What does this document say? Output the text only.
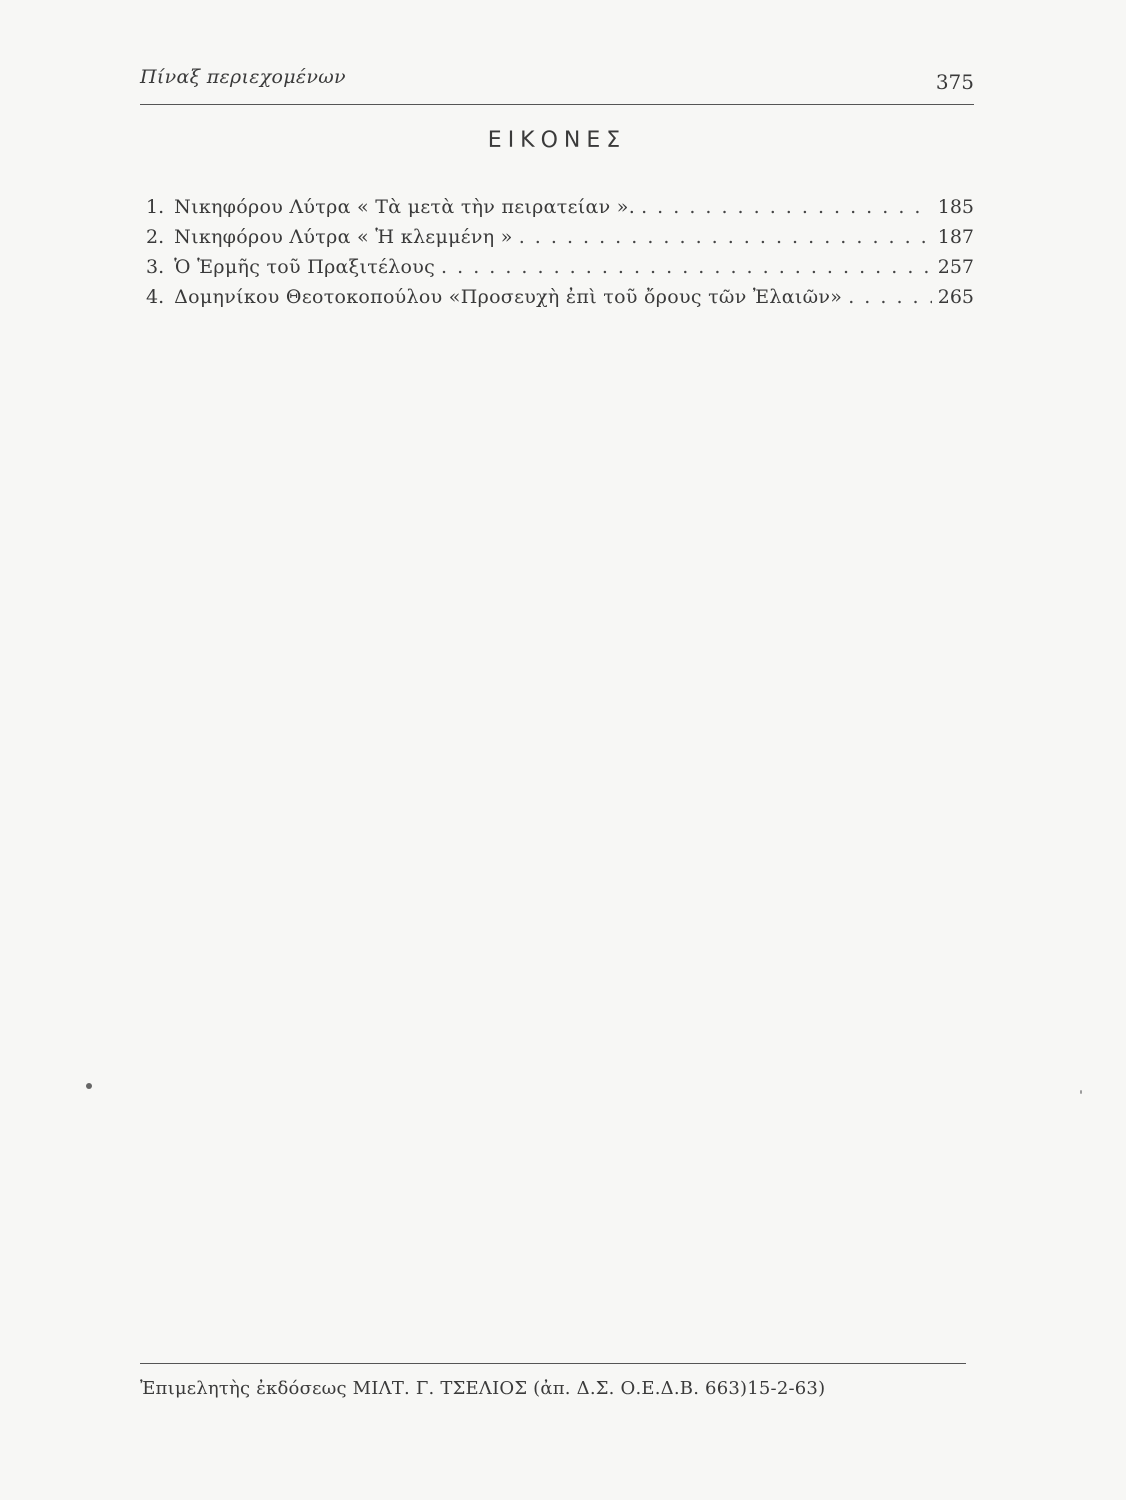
Πίναξ περιεχομένων	375
ΕΙΚΟΝΕΣ
1. Νικηφόρου Λύτρα « Τὰ μετὰ τὴν πειρατείαν ». . . .	185
2. Νικηφόρου Λύτρα « Ἡ κλεμμένη » . . .	187
3. Ὁ Ἑρμῆς τοῦ Πραξιτέλους . . .	257
4. Δομηνίκου Θεοτοκοπούλου «Προσευχὴ ἐπὶ τοῦ ὄρους τῶν Ἐλαιῶν» . . .	265
Ἐπιμελητὴς ἐκδόσεως ΜΙΛΤ. Γ. ΤΣΕΛΙΟΣ (ἀπ. Δ.Σ. Ο.Ε.Δ.Β. 663)15-2-63)
